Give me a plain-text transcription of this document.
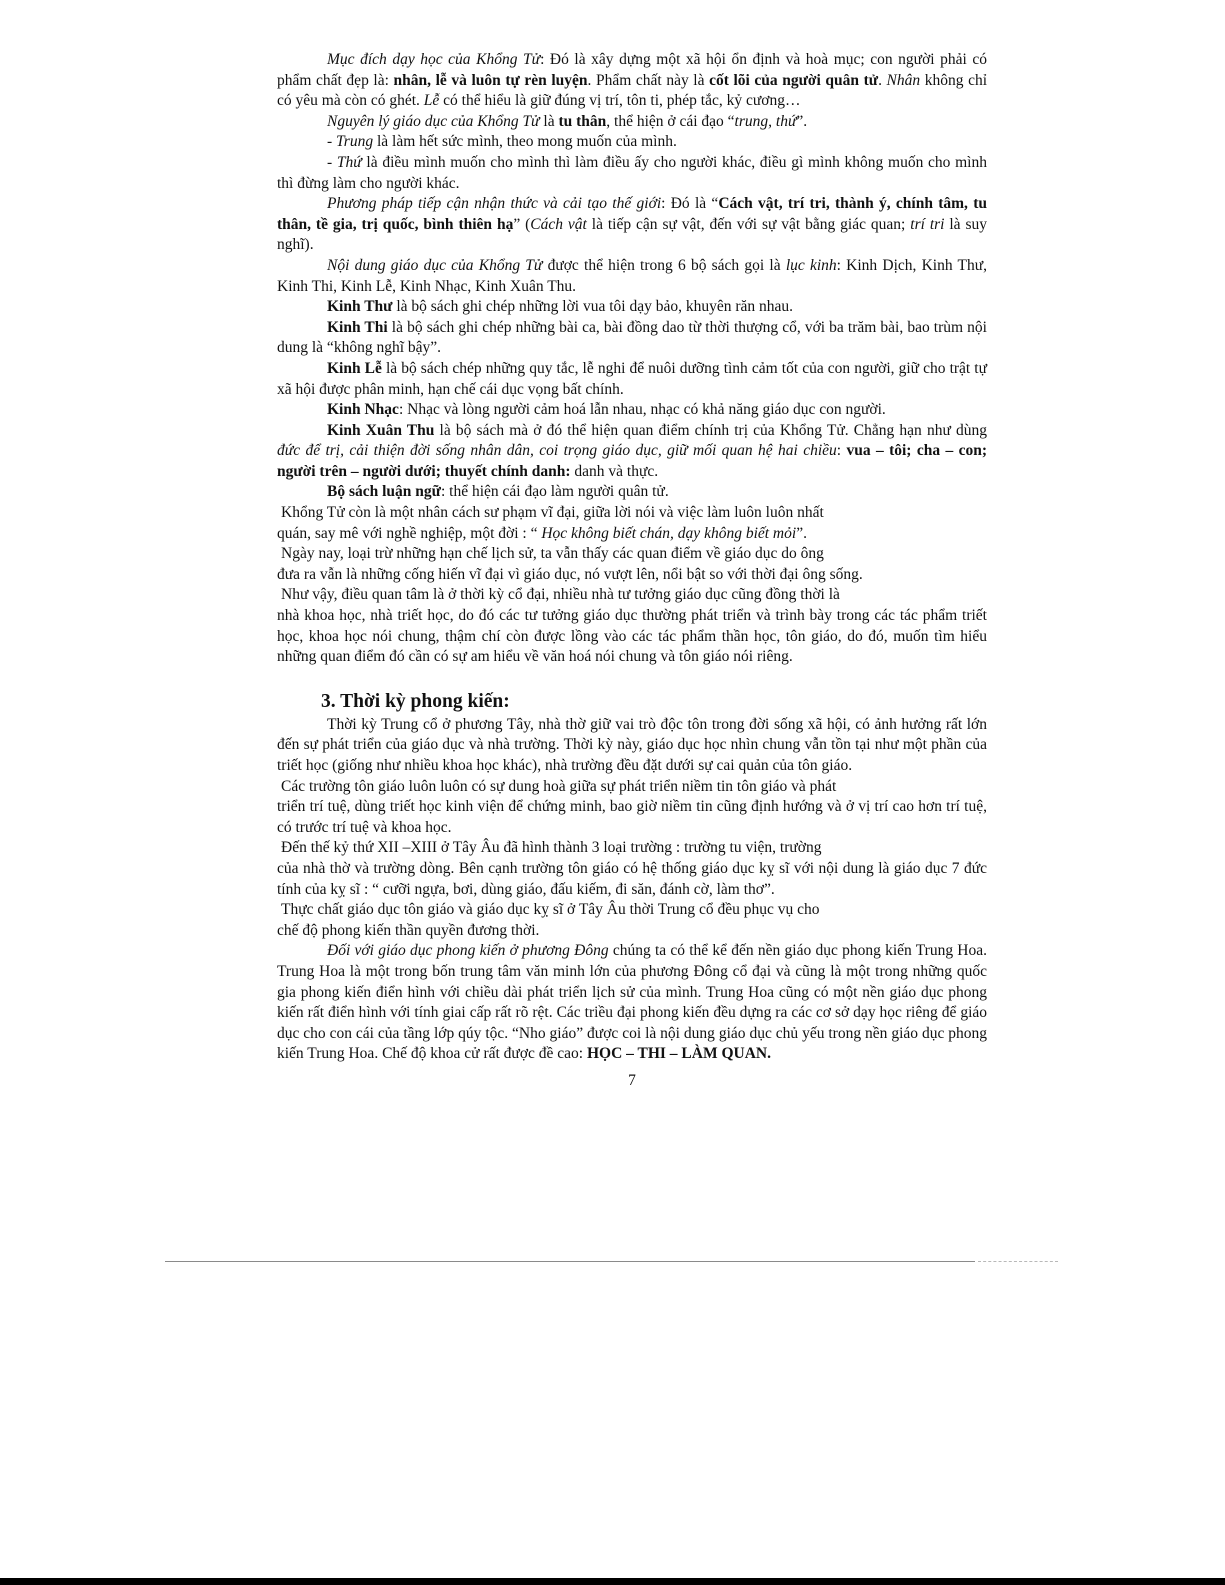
Mục đích dạy học của Khổng Tử: Đó là xây dựng một xã hội ổn định và hoà mục; con người phải có phẩm chất đẹp là: nhân, lễ và luôn tự rèn luyện. Phẩm chất này là cốt lõi của người quân tử. Nhân không chỉ có yêu mà còn có ghét. Lễ có thể hiểu là giữ đúng vị trí, tôn ti, phép tắc, kỷ cương…

Nguyên lý giáo dục của Khổng Tử là tu thân, thể hiện ở cái đạo “trung, thứ”.

- Trung là làm hết sức mình, theo mong muốn của mình.

- Thứ là điều mình muốn cho mình thì làm điều ấy cho người khác, điều gì mình không muốn cho mình thì đừng làm cho người khác.

Phương pháp tiếp cận nhận thức và cải tạo thế giới: Đó là “Cách vật, trí tri, thành ý, chính tâm, tu thân, tề gia, trị quốc, bình thiên hạ” (Cách vật là tiếp cận sự vật, đến với sự vật bằng giác quan; trí tri là suy nghĩ).

Nội dung giáo dục của Khổng Tử được thể hiện trong 6 bộ sách gọi là lục kinh: Kinh Dịch, Kinh Thư, Kinh Thi, Kinh Lễ, Kinh Nhạc, Kinh Xuân Thu.

Kinh Thư là bộ sách ghi chép những lời vua tôi dạy bảo, khuyên răn nhau.

Kinh Thi là bộ sách ghi chép những bài ca, bài đồng dao từ thời thượng cổ, với ba trăm bài, bao trùm nội dung là “không nghĩ bậy”.

Kinh Lễ là bộ sách chép những quy tắc, lễ nghi để nuôi dưỡng tình cảm tốt của con người, giữ cho trật tự xã hội được phân minh, hạn chế cái dục vọng bất chính.

Kinh Nhạc: Nhạc và lòng người cảm hoá lẫn nhau, nhạc có khả năng giáo dục con người.

Kinh Xuân Thu là bộ sách mà ở đó thể hiện quan điểm chính trị của Khổng Tử. Chẳng hạn như dùng đức để trị, cải thiện đời sống nhân dân, coi trọng giáo dục, giữ mối quan hệ hai chiều: vua – tôi; cha – con; người trên – người dưới; thuyết chính danh: danh và thực.

Bộ sách luận ngữ: thể hiện cái đạo làm người quân tử.

Khổng Tử còn là một nhân cách sư phạm vĩ đại, giữa lời nói và việc làm luôn luôn nhất
quán, say mê với nghề nghiệp, một đời : “ Học không biết chán, dạy không biết mỏi”.

Ngày nay, loại trừ những hạn chế lịch sử, ta vẫn thấy các quan điểm về giáo dục do ông
đưa ra vẫn là những cống hiến vĩ đại vì giáo dục, nó vượt lên, nổi bật so với thời đại ông sống.

Như vậy, điều quan tâm là ở thời kỳ cổ đại, nhiều nhà tư tưởng giáo dục cũng đồng thời là
nhà khoa học, nhà triết học, do đó các tư tưởng giáo dục thường phát triển và trình bày trong các tác phẩm triết học, khoa học nói chung, thậm chí còn được lồng vào các tác phẩm thần học, tôn giáo, do đó, muốn tìm hiểu những quan điểm đó cần có sự am hiểu về văn hoá nói chung và tôn giáo nói riêng.

3. Thời kỳ phong kiến:

Thời kỳ Trung cổ ở phương Tây, nhà thờ giữ vai trò độc tôn trong đời sống xã hội, có ảnh hưởng rất lớn đến sự phát triển của giáo dục và nhà trường. Thời kỳ này, giáo dục học nhìn chung vẫn tồn tại như một phần của triết học (giống như nhiều khoa học khác), nhà trường đều đặt dưới sự cai quản của tôn giáo.

Các trường tôn giáo luôn luôn có sự dung hoà giữa sự phát triển niềm tin tôn giáo và phát
triển trí tuệ, dùng triết học kinh viện để chứng minh, bao giờ niềm tin cũng định hướng và ở vị trí cao hơn trí tuệ, có trước trí tuệ và khoa học.

Đến thế kỷ thứ XII –XIII ở Tây Âu đã hình thành 3 loại trường : trường tu viện, trường
của nhà thờ và trường dòng. Bên cạnh trường tôn giáo có hệ thống giáo dục kỵ sĩ với nội dung là giáo dục 7 đức tính của kỵ sĩ : “ cưỡi ngựa, bơi, dùng giáo, đấu kiếm, đi săn, đánh cờ, làm thơ”.

Thực chất giáo dục tôn giáo và giáo dục kỵ sĩ ở Tây Âu thời Trung cổ đều phục vụ cho
chế độ phong kiến thần quyền đương thời.

Đối với giáo dục phong kiến ở phương Đông chúng ta có thể kể đến nền giáo dục phong kiến Trung Hoa. Trung Hoa là một trong bốn trung tâm văn minh lớn của phương Đông cổ đại và cũng là một trong những quốc gia phong kiến điển hình với chiều dài phát triển lịch sử của mình. Trung Hoa cũng có một nền giáo dục phong kiến rất điển hình với tính giai cấp rất rõ rệt. Các triều đại phong kiến đều dựng ra các cơ sở dạy học riêng để giáo dục cho con cái của tầng lớp qúy tộc. “Nho giáo” được coi là nội dung giáo dục chủ yếu trong nền giáo dục phong kiến Trung Hoa. Chế độ khoa cử rất được đề cao: HỌC – THI – LÀM QUAN.

7
